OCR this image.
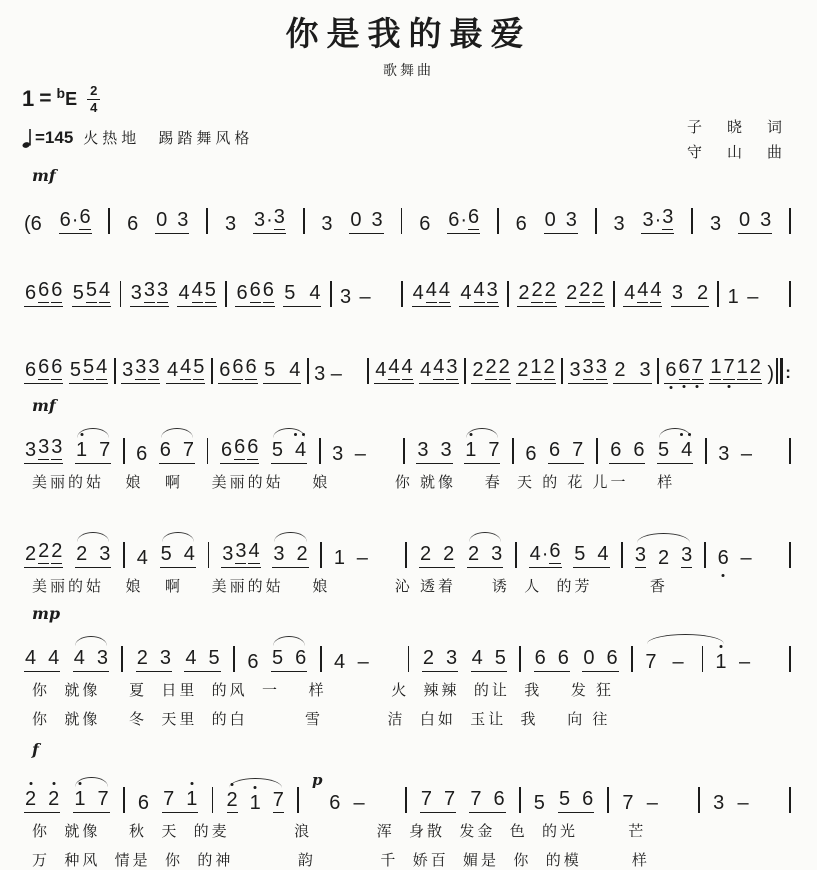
你是我的最爱
歌舞曲
1 = b E $\frac{2}{4}$
=145 火热地 踢踏舞风格
子　晓　词
守　山　曲
mf
(6 6 · 6 6 0 3 3 3 · 3 3 0 3 6 6 · 6 6 0 3 3 3 · 3 3 0 3
6 6 6 5 5 4 3 3 3 4 4 5 6 6 6 5 4 3 – 4 4 4 4 4 3 2 2 2 2 2 2 4 4 4 3 2 1 –
6 6 6 5 5 4 3 3 3 4 4 5 6 6 6 5 4 3 – 4 4 4 4 4 3 2 2 2 2 1 2 3 3 3 2 3 6 6 7 1 7 1 2 ) :
mf
3 3 3 1 7 6 6 7 6 6 6 5 4 3 –	3 3 1 7 6 6 7 6 6 5 4 3 –
美丽的姑   娘   啊    美丽的姑    娘         你 就像    春  天 的 花 儿一    样
2 2 2 2 3 4 5 4 3 3 4 3 2 1 –	2 2 2 3 4 · 6 5 4 3 2 3 6 –
美丽的姑   娘   啊    美丽的姑    娘         沁 透着     诱  人  的芳        香
mp
4 4 4 3 2 3 4 5 6 5 6 4 –	2 3 4 5 6 6 0 6 7 – 1 –
你  就像    夏  日里  的风  一    样         火  辣辣  的让  我    发 狂
你  就像    冬  天里  的白        雪         洁  白如  玉让  我    向 往
f
2 2 1 7 6 7 1 2 1 7
p
6 –	7 7 7 6 5 5 6 7 –	3 –
你  就像    秋  天  的麦         浪         浑  身散  发金  色  的光       芒
万  种风  情是  你  的神         韵         千  娇百  媚是  你  的模       样
